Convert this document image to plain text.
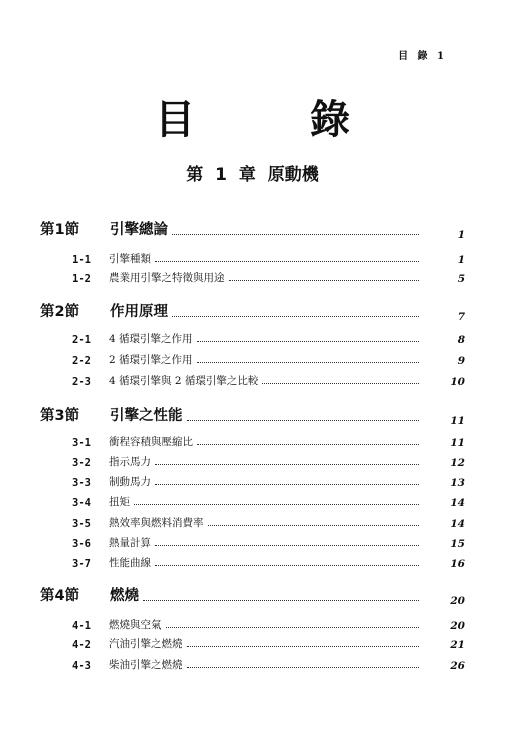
目 錄 1
目	錄
第 1 章 原動機
第1節	引擎總論	1
1-1	引擎種類	1
1-2	農業用引擎之特徵與用途	5
第2節	作用原理	7
2-1	4 循環引擎之作用	8
2-2	2 循環引擎之作用	9
2-3	4 循環引擎與 2 循環引擎之比較	10
第3節	引擎之性能	11
3-1	衝程容積與壓縮比	11
3-2	指示馬力	12
3-3	制動馬力	13
3-4	扭矩	14
3-5	熱效率與燃料消費率	14
3-6	熱量計算	15
3-7	性能曲線	16
第4節	燃燒	20
4-1	燃燒與空氣	20
4-2	汽油引擎之燃燒	21
4-3	柴油引擎之燃燒	26
